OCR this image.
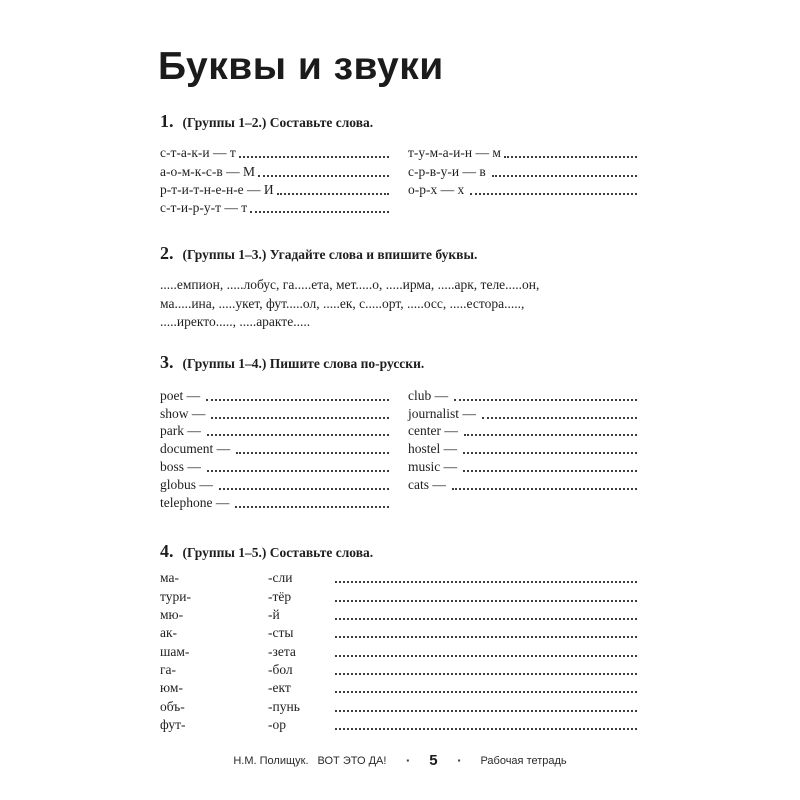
Буквы и звуки
1. (Группы 1–2.) Составьте слова.
с-т-а-к-и — т
а-о-м-к-с-в — М
р-т-и-т-н-е-н-е — И
с-т-и-р-у-т — т
т-у-м-а-и-н — м
с-р-в-у-и — в
о-р-х — х
2. (Группы 1–3.) Угадайте слова и впишите буквы.
.....емпион, .....лобус, га.....ета, мет.....о, .....ирма, .....арк, теле.....он,
ма.....ина, .....укет, фут.....ол, .....ек, с.....орт, .....осс, .....естора.....,
.....иректо....., .....аракте.....
3. (Группы 1–4.) Пишите слова по-русски.
poet —
show —
park —
document —
boss —
globus —
telephone —
club —
journalist —
center —
hostel —
music —
cats —
4. (Группы 1–5.) Составьте слова.
ма-	-сли
тури-	-тёр
мю-	-й
ак-	-сты
шам-	-зета
га-	-бол
юм-	-ект
объ-	-пунь
фут-	-ор
Н.М. Полищук. ВОТ ЭТО ДА!	▪ 5	▪ Рабочая тетрадь
